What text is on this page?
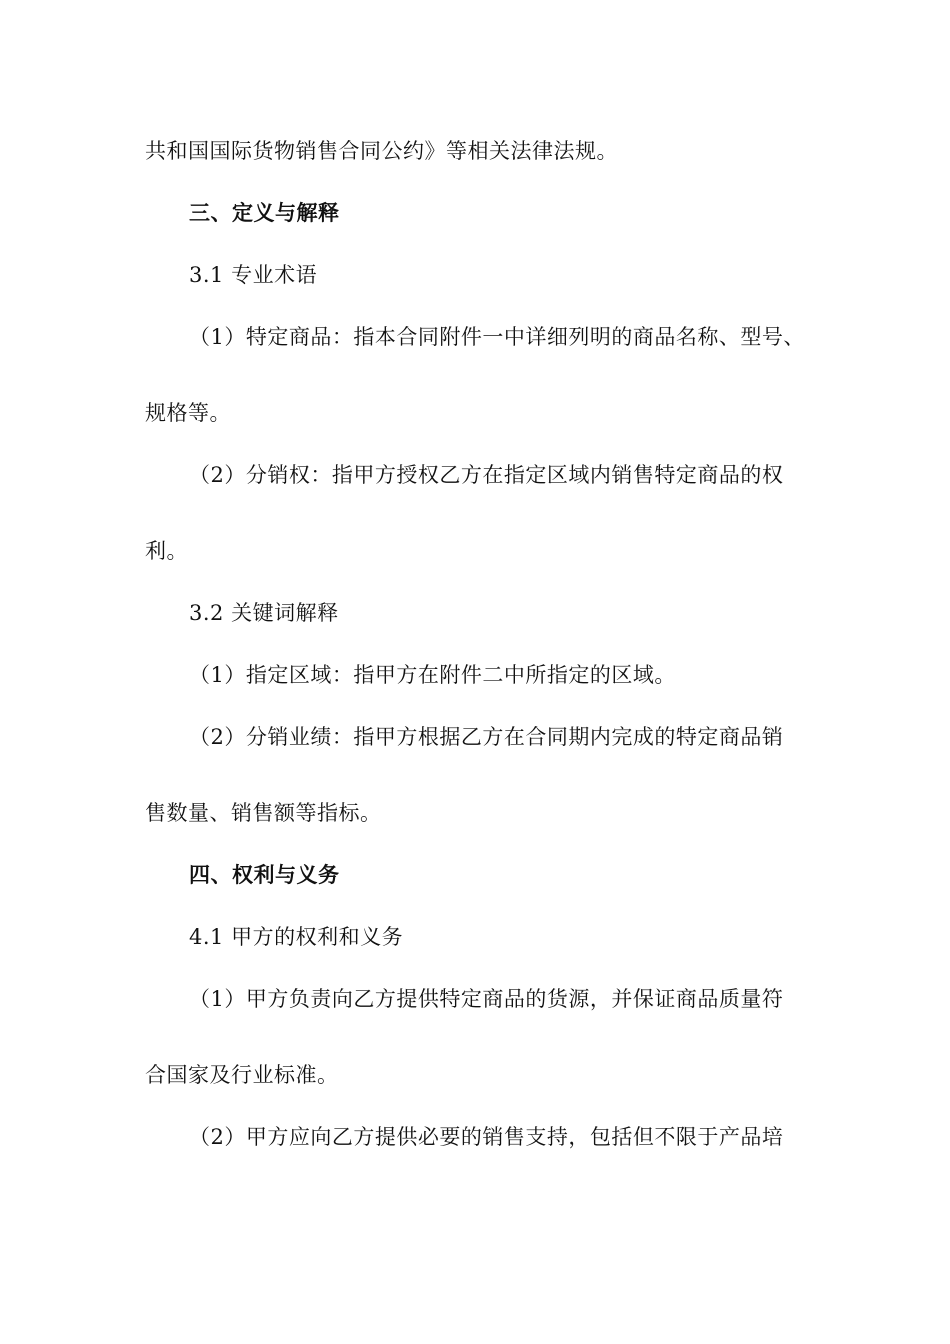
共和国国际货物销售合同公约》等相关法律法规。
三、定义与解释
3.1 专业术语
（1）特定商品：指本合同附件一中详细列明的商品名称、型号、
规格等。
（2）分销权：指甲方授权乙方在指定区域内销售特定商品的权
利。
3.2 关键词解释
（1）指定区域：指甲方在附件二中所指定的区域。
（2）分销业绩：指甲方根据乙方在合同期内完成的特定商品销
售数量、销售额等指标。
四、权利与义务
4.1 甲方的权利和义务
（1）甲方负责向乙方提供特定商品的货源，并保证商品质量符
合国家及行业标准。
（2）甲方应向乙方提供必要的销售支持，包括但不限于产品培
